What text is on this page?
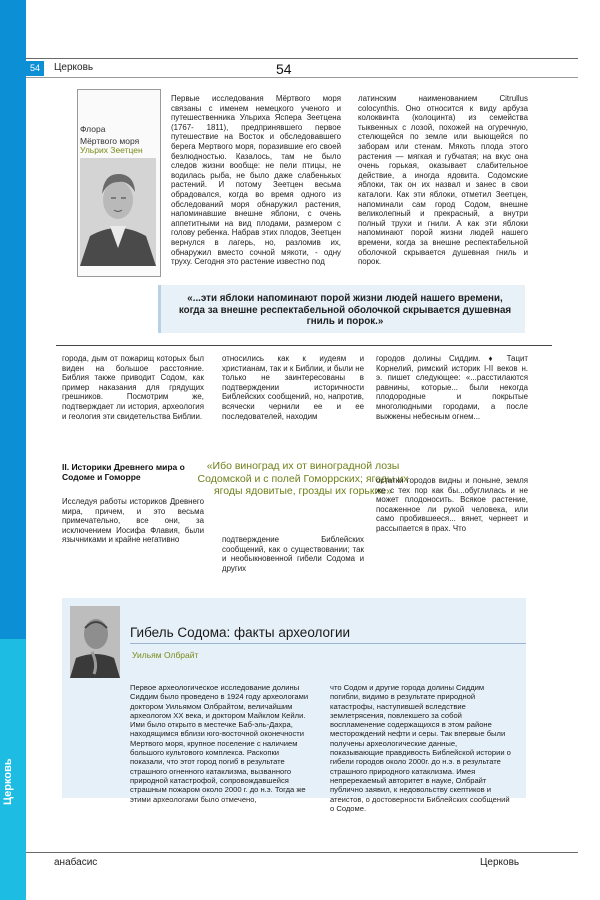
Церковь
54	Церковь	54
Флора
Мёртвого моря
Ульрих Зеетцен

Первые исследования Мёртвого моря связаны с именем немецкого ученого и путешественника Ульриха Яспера Зеетцена (1767- 1811), предпринявшего первое путешествие на Восток и обследовавшего берега Мертвого моря, поразившие его своей безлюдностью. Казалось, там не было следов жизни вообще: не пели птицы, не водилась рыба, не было даже слабенькых растений. И потому Зеетцен весьма обрадовался, когда во время одного из обследований моря обнаружил растения, напоминавшие внешне яблони, с очень аппетитными на вид плодами, размером с голову ребенка. Набрав этих плодов, Зеетцен вернулся в лагерь, но, разломив их, обнаружил вместо сочной мякоти, - одну труху. Сегодня это растение известно под

латинским наименованием Citrullus colocynthis. Оно относится к виду арбуза колоквинта (колоцинта) из семейства тыквенных с лозой, похожей на огуречную, стелющейся по земле или выющейся по заборам или стенам. Мякоть плода этого растения — мягкая и губчатая; на вкус она очень горькая, оказывает слабительное действие, а иногда ядовита. Содомские яблоки, так он их назвал и занес в свои каталоги. Как эти яблоки, отметил Зеетцен, напоминали сам город Содом, внешне великолепный и прекрасный, а внутри полный трухи и гнили. А как эти яблоки напоминают порой жизни людей нашего времени, когда за внешне респектабельной оболочкой скрывается душевная гниль и порок.

«...эти яблоки напоминают порой жизни людей нашего времени, когда за внешне респектабельной оболочкой скрывается душевная гниль и порок.»

города, дым от пожарищ которых был виден на большое расстояние. Библия также приводит Содом, как пример наказания для грядущих грешников. Посмотрим же, подтверждает ли история, археология и геология эти свидетельства Библии.

II. Историки Древнего мира о Содоме и Гоморре

Исследуя работы историков Древнего мира, причем, и это весьма примечательно, все они, за исключением Иосифа Флавия, были язычниками и крайне негативно

относились как к иудеям и христианам, так и к Библии, и были не только не заинтересованы в подтверждении историчности Библейских сообщений, но, напротив, всячески чернили ее и ее последователей, находим

«Ибо виноград их от виноградной лозы Содомской и с полей Гоморрских; ягоды их ягоды ядовитые, грозды их горькие»

подтверждение Библейских сообщений, как о существовании; так и необыкновенной гибели Содома и других

городов долины Сиддим. ♦ Тацит Корнелий, римский историк I-II веков н. э. пишет следующее: «...расстилаются равнины, которые... были некогда плодородные и покрытые многолюдными городами, а после выжжены небесным огнем...

остатки городов видны и поныне, земля же с тех пор как бы...обуглилась и не может плодоносить. Всякое растение, посаженное ли рукой человека, или само пробившееся... вянет, чернеет и рассыпается в прах. Что

Гибель Содома: факты археологии
Уильям Олбрайт
Первое археологическое исследование долины Сиддим было проведено в 1924 году археологами доктором Уильямом Олбрайтом, величайшим археологом XX века, и доктором Майклом Кейли. Ими было открыто в местечке Баб-эль-Дахра, находящимся вблизи юго-восточной оконечности Мертвого моря, крупное поселение с наличием большого культового комплекса. Раскопки показали, что этот город погиб в результате страшного огненного катаклизма, вызванного природной катастрофой, сопровождавшейся страшным пожаром около 2000 г. до н.э. Тогда же этими археологами было отмечено,
что Содом и другие города долины Сиддим погибли, видимо в результате природной катастрофы, наступившей вследствие землетрясения, повлекшего за собой воспламенение содержащихся в этом районе месторождений нефти и серы. Так впервые были получены археологические данные, показывающие правдивость Библейской истории о гибели городов около 2000г. до н.э. в результате страшного природного катаклизма. Имея непререкаемый авторитет в науке, Олбрайт публично заявил, к недовольству скептиков и атеистов, о достоверности Библейских сообщений о Содоме.
анабасис	Церковь
